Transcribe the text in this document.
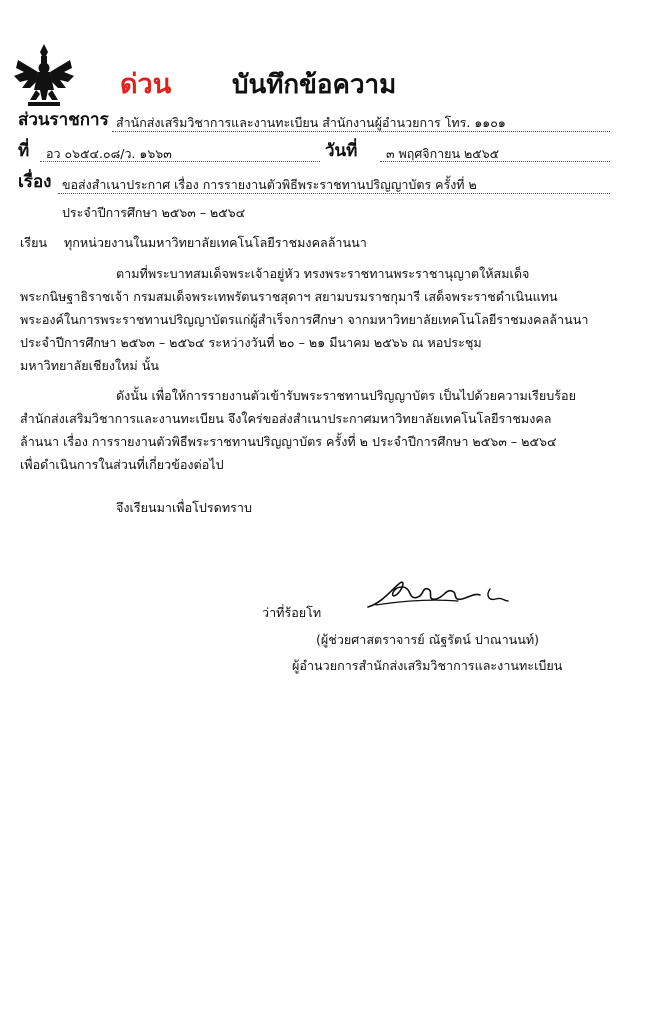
ด่วน บันทึกข้อความ
ส่วนราชการ สำนักส่งเสริมวิชาการและงานทะเบียน สำนักงานผู้อำนวยการ โทร. ๑๑๐๑
ที่ อว ๐๖๕๔.๐๘/ว. ๑๖๖๓	วันที่ ๓ พฤศจิกายน ๒๕๖๕
เรื่อง ขอส่งสำเนาประกาศ เรื่อง การรายงานตัวพิธีพระราชทานปริญญาบัตร ครั้งที่ ๒
ประจำปีการศึกษา ๒๕๖๓ – ๒๕๖๔
เรียน ทุกหน่วยงานในมหาวิทยาลัยเทคโนโลยีราชมงคลล้านนา
ตามที่พระบาทสมเด็จพระเจ้าอยู่หัว ทรงพระราชทานพระราชานุญาตให้สมเด็จ
พระกนิษฐาธิราชเจ้า กรมสมเด็จพระเทพรัตนราชสุดาฯ สยามบรมราชกุมารี เสด็จพระราชดำเนินแทน
พระองค์ในการพระราชทานปริญญาบัตรแก่ผู้สำเร็จการศึกษา จากมหาวิทยาลัยเทคโนโลยีราชมงคลล้านนา
ประจำปีการศึกษา ๒๕๖๓ – ๒๕๖๔ ระหว่างวันที่ ๒๐ – ๒๑ มีนาคม ๒๕๖๖ ณ หอประชุม
มหาวิทยาลัยเชียงใหม่ นั้น
ดังนั้น เพื่อให้การรายงานตัวเข้ารับพระราชทานปริญญาบัตร เป็นไปด้วยความเรียบร้อย
สำนักส่งเสริมวิชาการและงานทะเบียน จึงใคร่ขอส่งสำเนาประกาศมหาวิทยาลัยเทคโนโลยีราชมงคล
ล้านนา เรื่อง การรายงานตัวพิธีพระราชทานปริญญาบัตร ครั้งที่ ๒ ประจำปีการศึกษา ๒๕๖๓ – ๒๕๖๔
เพื่อดำเนินการในส่วนที่เกี่ยวข้องต่อไป
จึงเรียนมาเพื่อโปรดทราบ
ว่าที่ร้อยโท
(ผู้ช่วยศาสตราจารย์ ณัฐรัตน์ ปาณานนท์)
ผู้อำนวยการสำนักส่งเสริมวิชาการและงานทะเบียน
